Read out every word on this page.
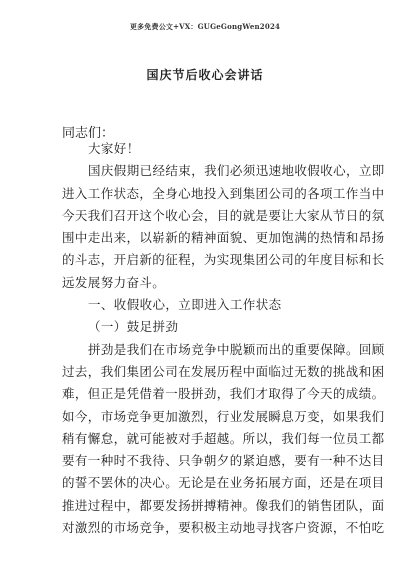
更多免费公文+VX：GUGeGongWen2024
国庆节后收心会讲话
同志们：
大家好！
国庆假期已经结束，我们必须迅速地收假收心，立即
进入工作状态，全身心地投入到集团公司的各项工作当中
今天我们召开这个收心会，目的就是要让大家从节日的氛
围中走出来，以崭新的精神面貌、更加饱满的热情和昂扬
的斗志，开启新的征程，为实现集团公司的年度目标和长
远发展努力奋斗。
一、收假收心，立即进入工作状态
（一）鼓足拼劲
拼劲是我们在市场竞争中脱颖而出的重要保障。回顾
过去，我们集团公司在发展历程中面临过无数的挑战和困
难，但正是凭借着一股拼劲，我们才取得了今天的成绩。
如今，市场竞争更加激烈，行业发展瞬息万变，如果我们
稍有懈怠，就可能被对手超越。所以，我们每一位员工都
要有一种时不我待、只争朝夕的紧迫感，要有一种不达目
的誓不罢休的决心。无论是在业务拓展方面，还是在项目
推进过程中，都要发扬拼搏精神。像我们的销售团队，面
对激烈的市场竞争，要积极主动地寻找客户资源，不怕吃
